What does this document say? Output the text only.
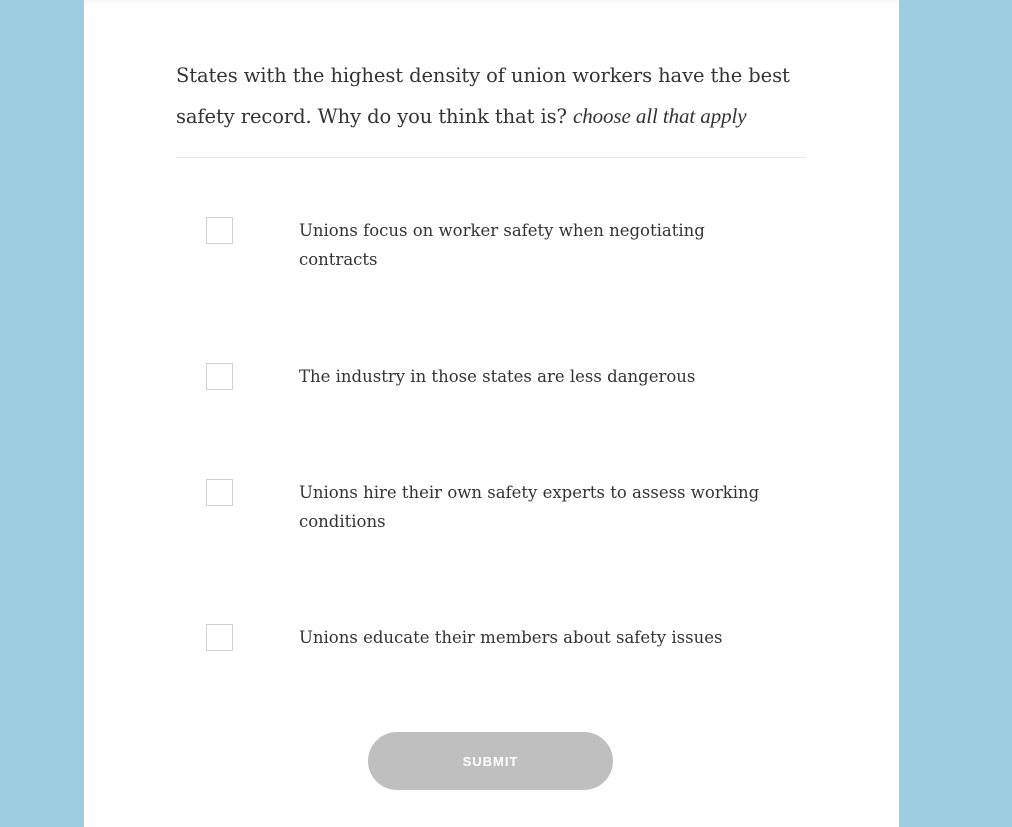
States with the highest density of union workers have the best safety record. Why do you think that is? choose all that apply
Unions focus on worker safety when negotiating contracts
The industry in those states are less dangerous
Unions hire their own safety experts to assess working conditions
Unions educate their members about safety issues
SUBMIT
